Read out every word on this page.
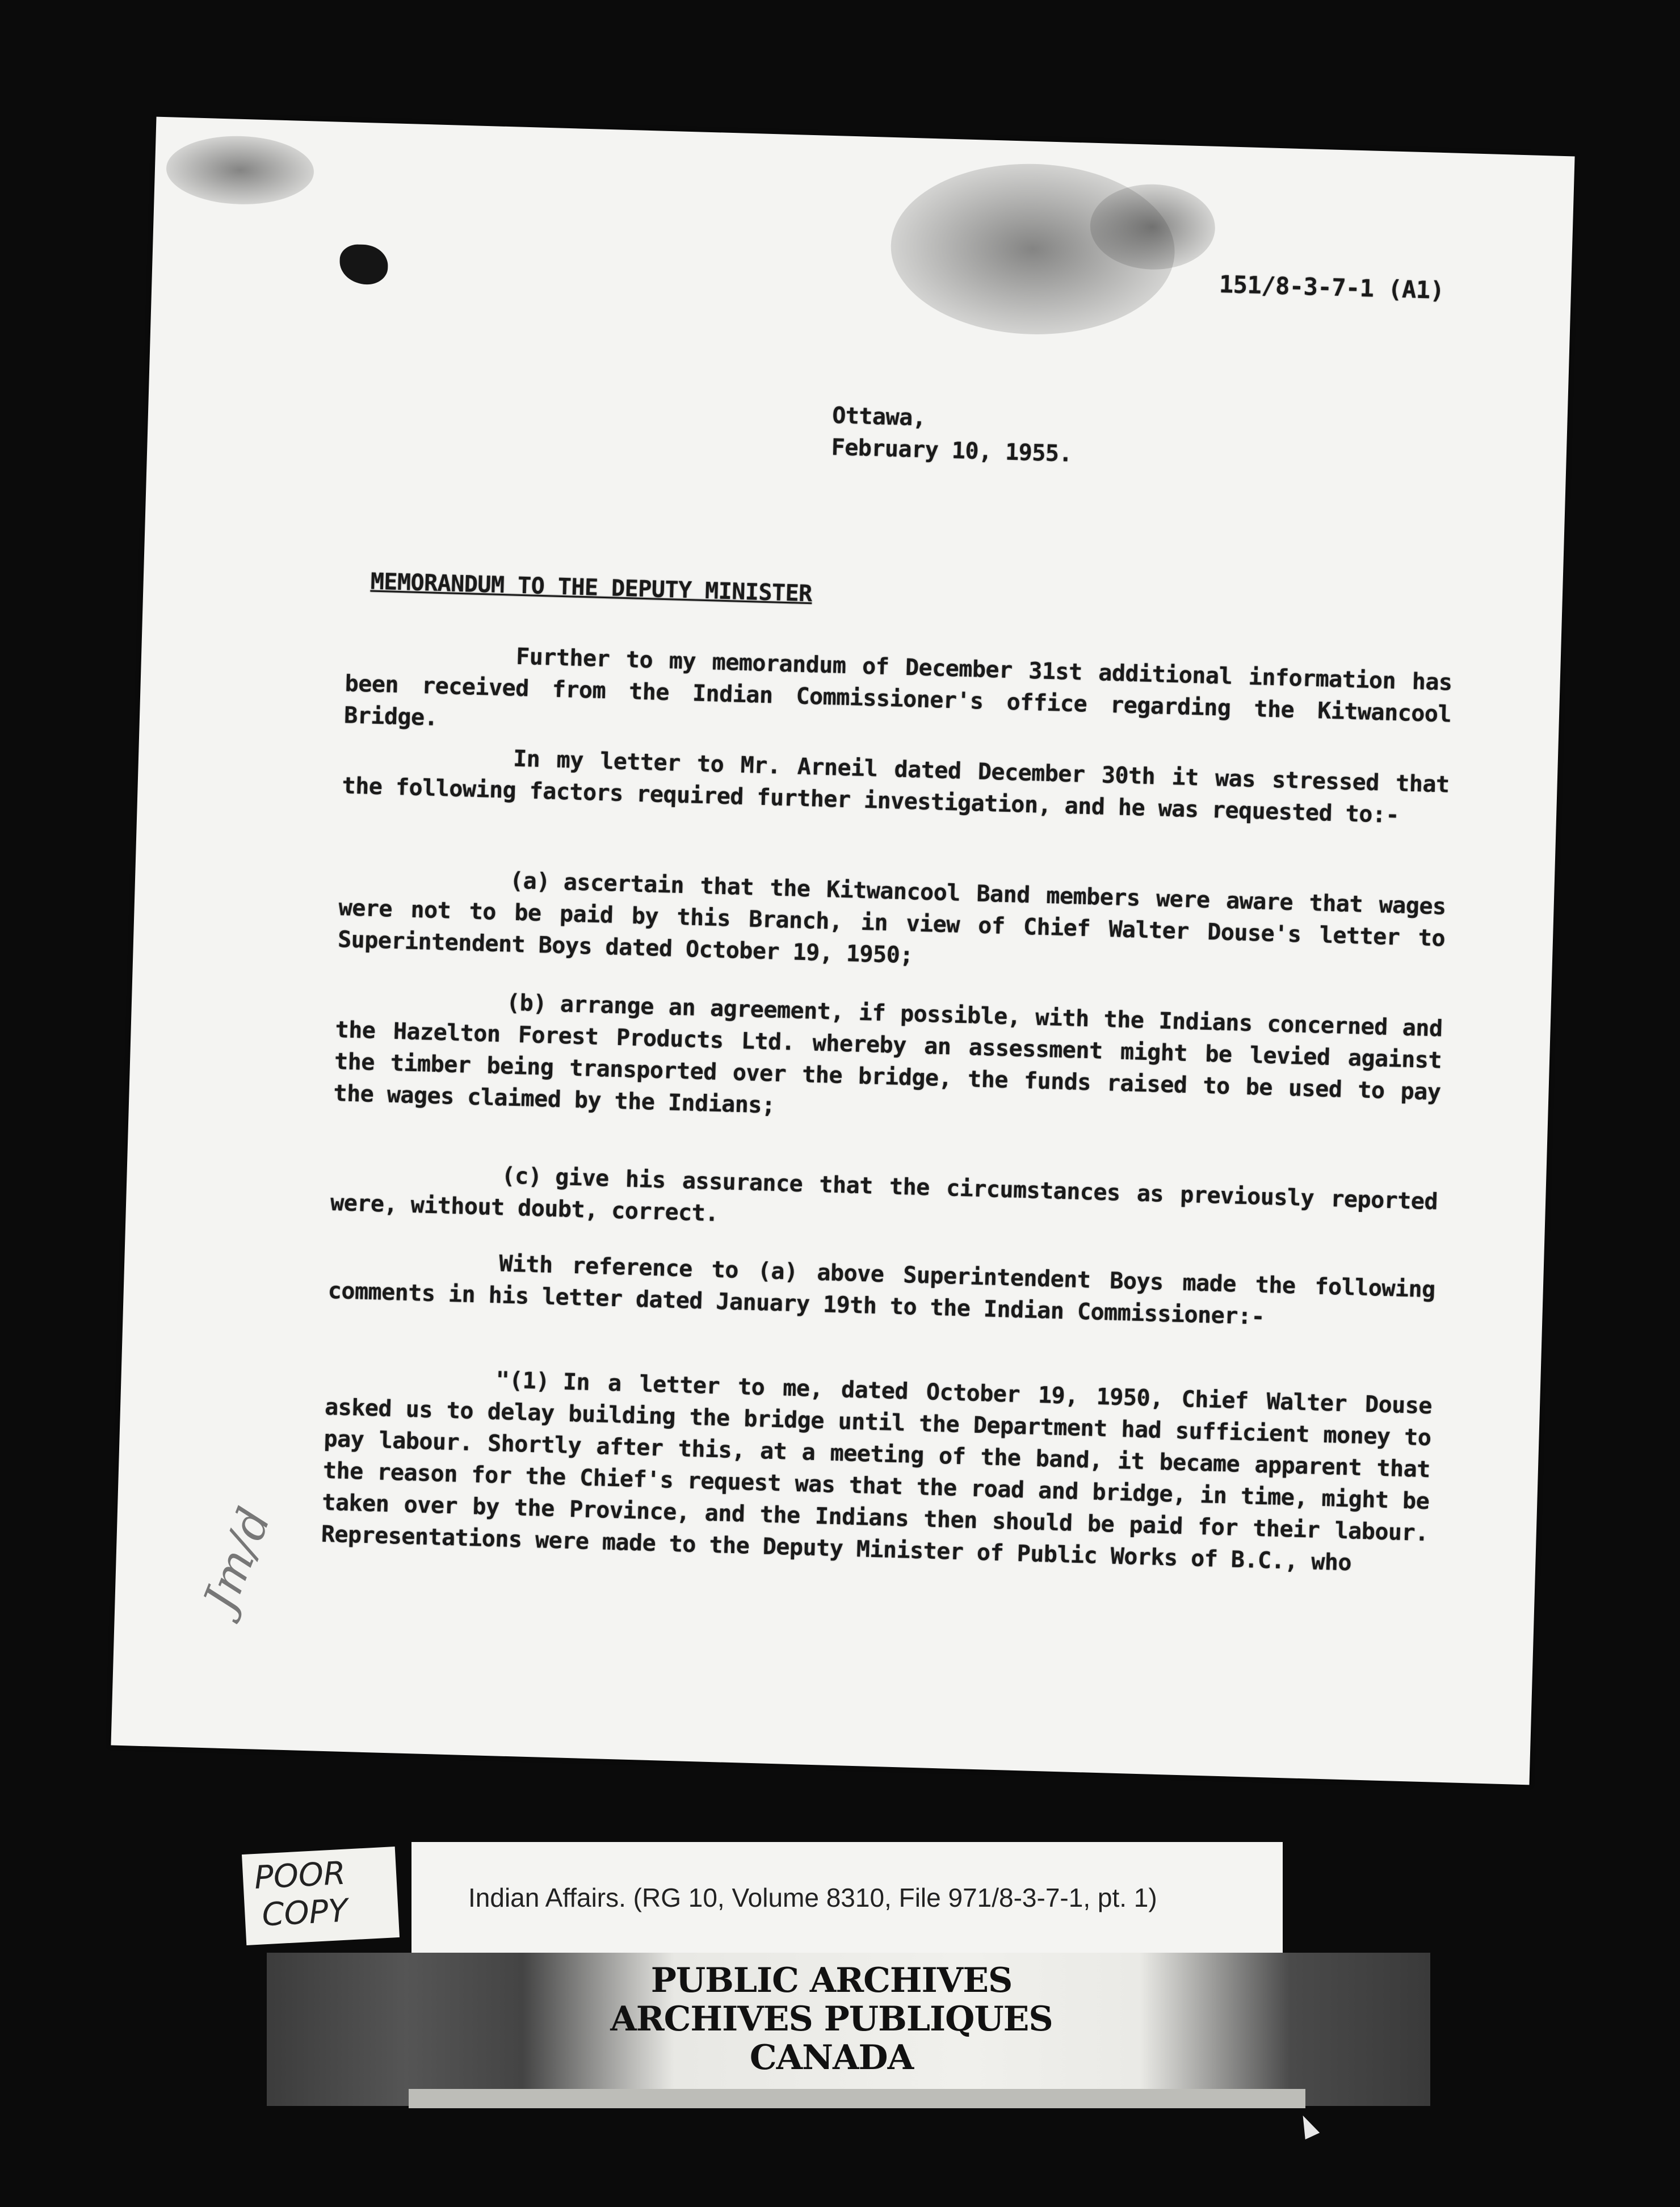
151/8-3-7-1 (A1)
Ottawa,
February 10, 1955.
MEMORANDUM TO THE DEPUTY MINISTER
Further to my memorandum of December 31st additional information has been received from the Indian Commissioner's office regarding the Kitwancool Bridge.
In my letter to Mr. Arneil dated December 30th it was stressed that the following factors required further investigation, and he was requested to:-
(a) ascertain that the Kitwancool Band members were aware that wages were not to be paid by this Branch, in view of Chief Walter Douse's letter to Superintendent Boys dated October 19, 1950;
(b) arrange an agreement, if possible, with the Indians concerned and the Hazelton Forest Products Ltd. whereby an assessment might be levied against the timber being transported over the bridge, the funds raised to be used to pay the wages claimed by the Indians;
(c) give his assurance that the circumstances as previously reported were, without doubt, correct.
With reference to (a) above Superintendent Boys made the following comments in his letter dated January 19th to the Indian Commissioner:-
"(1) In a letter to me, dated October 19, 1950, Chief Walter Douse asked us to delay building the bridge until the Department had sufficient money to pay labour. Shortly after this, at a meeting of the band, it became apparent that the reason for the Chief's request was that the road and bridge, in time, might be taken over by the Province, and the Indians then should be paid for their labour. Representations were made to the Deputy Minister of Public Works of B.C., who
Jm/d
POOR
COPY	Indian Affairs. (RG 10, Volume 8310, File 971/8-3-7-1, pt. 1)
PUBLIC ARCHIVES
ARCHIVES PUBLIQUES
CANADA
